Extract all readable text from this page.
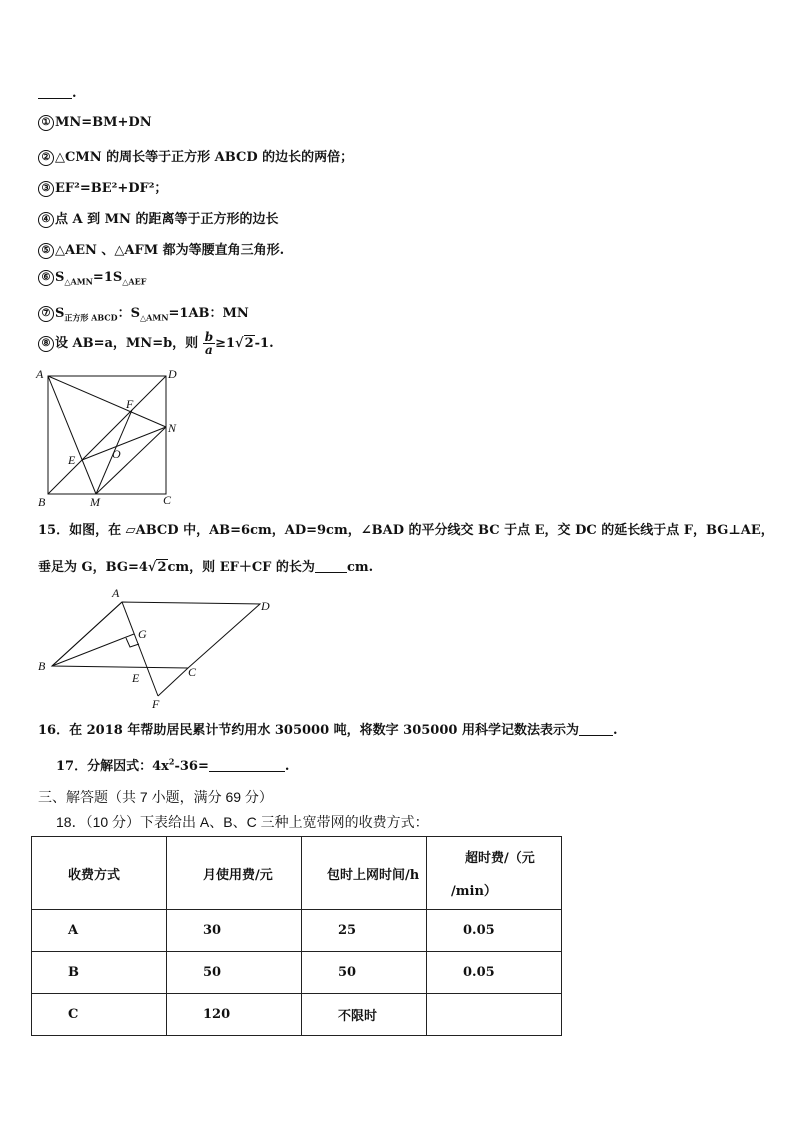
.
① MN=BM+DN
② △CMN 的周长等于正方形 ABCD 的边长的两倍；
③ EF²=BE²+DF²；
④ 点 A 到 MN 的距离等于正方形的边长
⑤ △AEN 、△AFM 都为等腰直角三角形.
⑥ $S_{\triangle AMN}=1S_{\triangle AEF}$
⑦ $S_{正方形 ABCD}$：$S_{\triangle AMN}=1AB$：MN
⑧ 设 AB=a，MN=b，则 $\frac{b}{a} \ge 1√2-1$.
A	D
F
N
O
E
B	M	C
15．如图，在 ▱ABCD 中，AB=6cm，AD=9cm，∠BAD 的平分线交 BC 于点 E，交 DC 的延长线于点 F，BG⊥AE，
垂足为 G，BG=4√2cm，则 EF＋CF 的长为 cm.
A
D
G
B	C
E
F
16．在 2018 年帮助居民累计节约用水 305000 吨，将数字 305000 用科学记数法表示为	.
17．分解因式：$4x^2-36=$	.
三、解答题（共 7 小题，满分 69 分）
18．（10 分）下表给出 A、B、C 三种上宽带网的收费方式：
收费方式	月使用费/元	包时上网时间/h	超时费/（元
/min）

A	30	25	0.05
B	50	50	0.05
C	120	不限时	
